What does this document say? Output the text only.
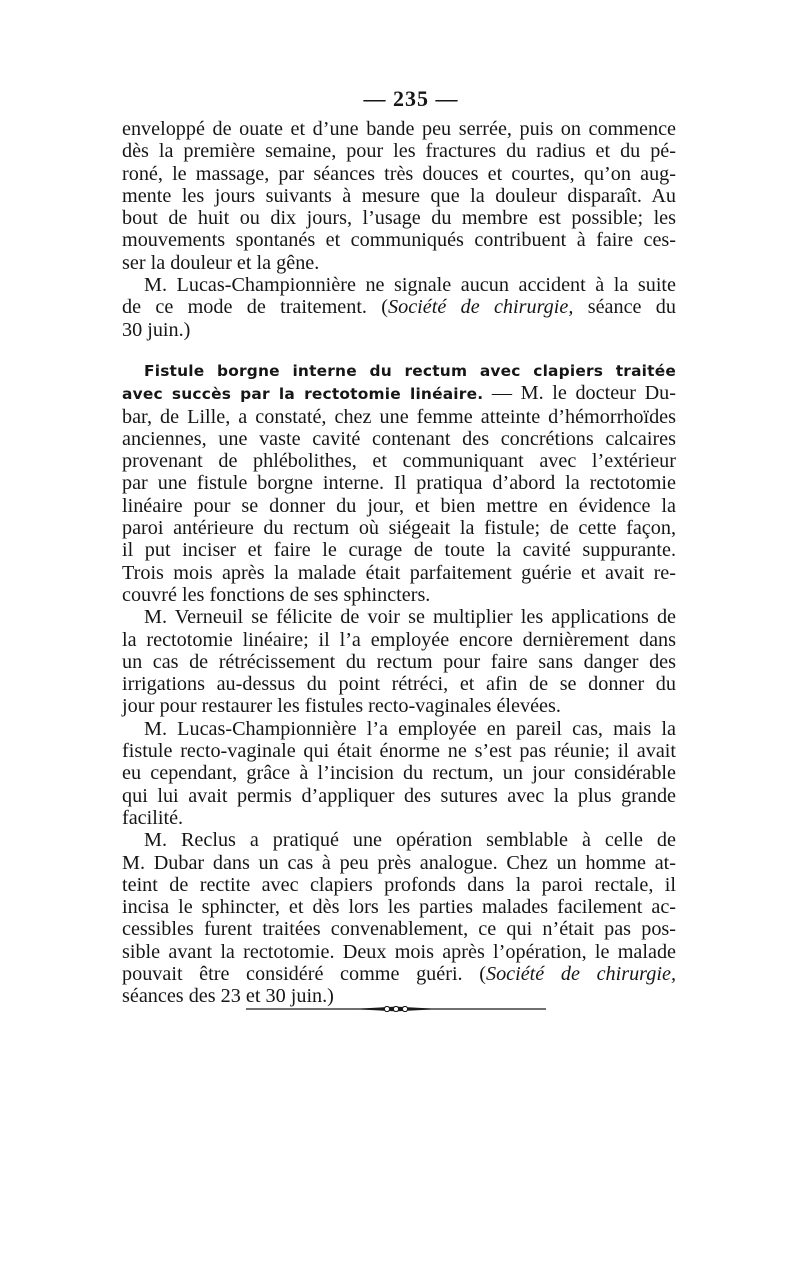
— 235 —
enveloppé de ouate et d’une bande peu serrée, puis on commence
dès la première semaine, pour les fractures du radius et du pé-
roné, le massage, par séances très douces et courtes, qu’on aug-
mente les jours suivants à mesure que la douleur disparaît. Au
bout de huit ou dix jours, l’usage du membre est possible; les
mouvements spontanés et communiqués contribuent à faire ces-
ser la douleur et la gêne.
M. Lucas-Championnière ne signale aucun accident à la suite
de ce mode de traitement. (Société de chirurgie, séance du
30 juin.)
Fistule borgne interne du rectum avec clapiers traitée
avec succès par la rectotomie linéaire. — M. le docteur Du-
bar, de Lille, a constaté, chez une femme atteinte d’hémorrhoïdes
anciennes, une vaste cavité contenant des concrétions calcaires
provenant de phlébolithes, et communiquant avec l’extérieur
par une fistule borgne interne. Il pratiqua d’abord la rectotomie
linéaire pour se donner du jour, et bien mettre en évidence la
paroi antérieure du rectum où siégeait la fistule; de cette façon,
il put inciser et faire le curage de toute la cavité suppurante.
Trois mois après la malade était parfaitement guérie et avait re-
couvré les fonctions de ses sphincters.
M. Verneuil se félicite de voir se multiplier les applications de
la rectotomie linéaire; il l’a employée encore dernièrement dans
un cas de rétrécissement du rectum pour faire sans danger des
irrigations au-dessus du point rétréci, et afin de se donner du
jour pour restaurer les fistules recto-vaginales élevées.
M. Lucas-Championnière l’a employée en pareil cas, mais la
fistule recto-vaginale qui était énorme ne s’est pas réunie; il avait
eu cependant, grâce à l’incision du rectum, un jour considérable
qui lui avait permis d’appliquer des sutures avec la plus grande
facilité.
M. Reclus a pratiqué une opération semblable à celle de
M. Dubar dans un cas à peu près analogue. Chez un homme at-
teint de rectite avec clapiers profonds dans la paroi rectale, il
incisa le sphincter, et dès lors les parties malades facilement ac-
cessibles furent traitées convenablement, ce qui n’était pas pos-
sible avant la rectotomie. Deux mois après l’opération, le malade
pouvait être considéré comme guéri. (Société de chirurgie,
séances des 23 et 30 juin.)
